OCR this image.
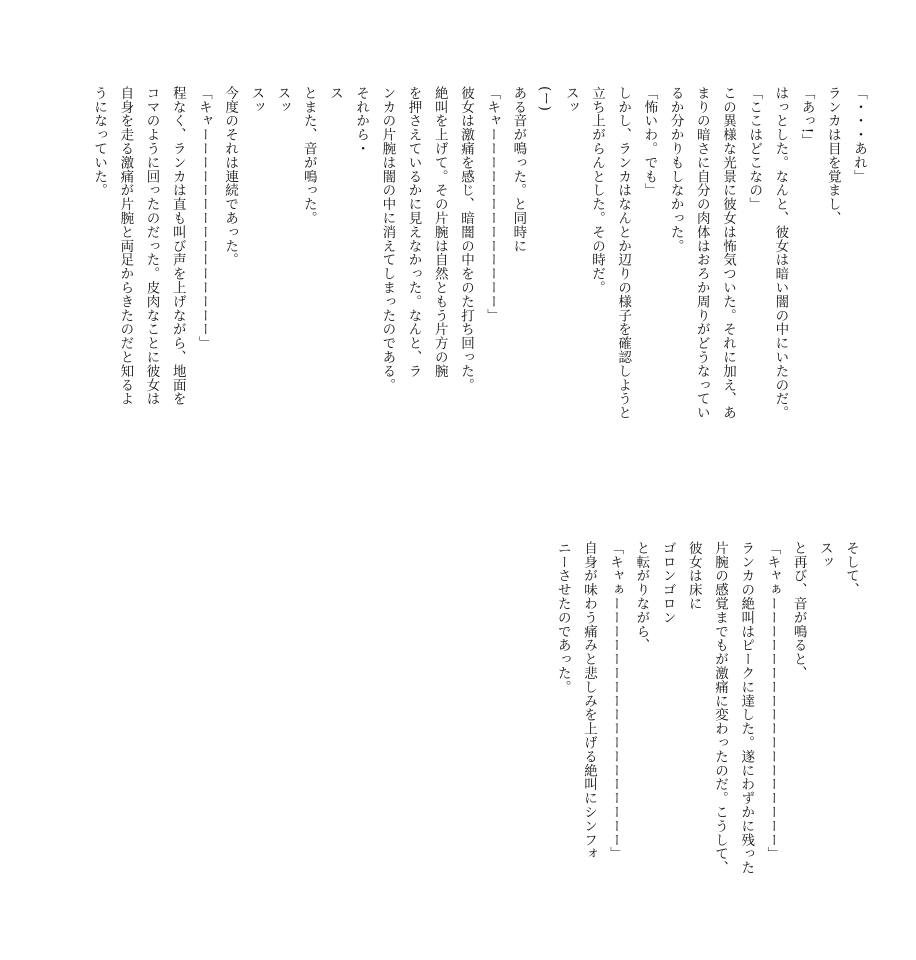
「・・・あれ」
ランカは目を覚まし、
「あっ!」
はっとした。なんと、彼女は暗い闇の中にいたのだ。
「ここはどこなの」
この異様な光景に彼女は怖気ついた。それに加え、あ
まりの暗さに自分の肉体はおろか周りがどうなってい
るか分かりもしなかった。
「怖いわ。でも」
しかし、ランカはなんとか辺りの様子を確認しようと
立ち上がらんとした。その時だ。
スッ
(ー)
ある音が鳴った。と同時に
「キャーーーーーーーーーーーーー」
彼女は激痛を感じ、暗闇の中をのた打ち回った。
絶叫を上げて。その片腕は自然ともう片方の腕
を押さえているかに見えなかった。なんと、ラ
ンカの片腕は闇の中に消えてしまったのである。
それから・
ス
とまた、音が鳴った。
スッ
スッ
今度のそれは連続であった。
「キャーーーーーーーーーーーーーーー」
程なく、ランカは直も叫び声を上げながら、地面を
コマのように回ったのだった。皮肉なことに彼女は
自身を走る激痛が片腕と両足からきたのだと知るよ
うになっていた。
そして、
スッ
と再び、音が鳴ると、
「キャぁーーーーーーーーーーーーーーーーーー」
ランカの絶叫はピークに達した。遂にわずかに残った
片腕の感覚までもが激痛に変わったのだ。こうして、
彼女は床に
ゴロンゴロン
と転がりながら、
「キャぁーーーーーーーーーーーーーーーーーー」
自身が味わう痛みと悲しみを上げる絶叫にシンフォ
ニーさせたのであった。
